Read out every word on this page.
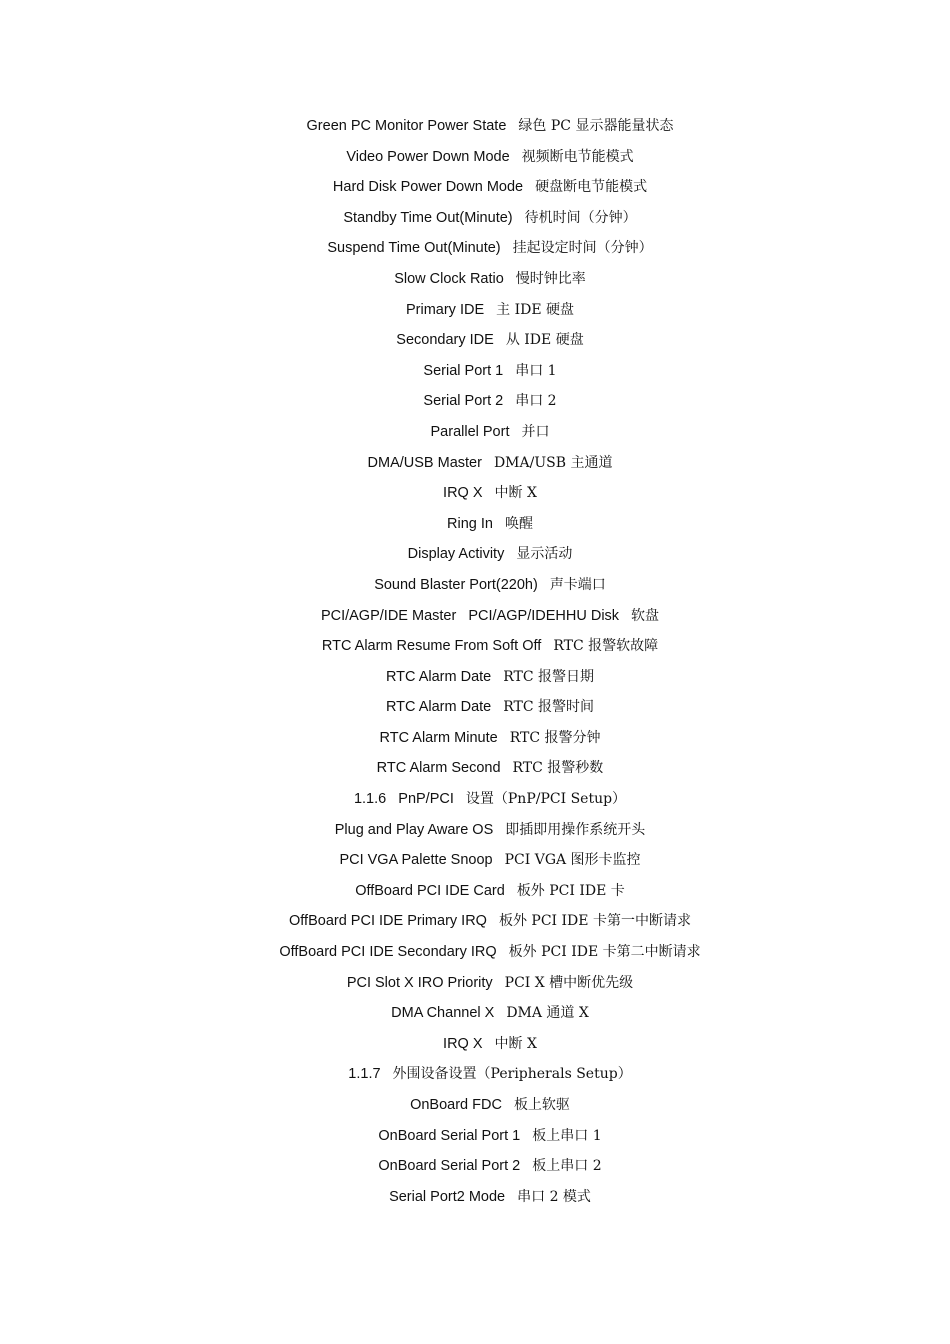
Green PC Monitor Power State 绿色 PC 显示器能量状态
Video Power Down Mode 视频断电节能模式
Hard Disk Power Down Mode 硬盘断电节能模式
Standby Time Out(Minute) 待机时间（分钟）
Suspend Time Out(Minute) 挂起设定时间（分钟）
Slow Clock Ratio 慢时钟比率
Primary IDE 主 IDE 硬盘
Secondary IDE 从 IDE 硬盘
Serial Port 1 串口 1
Serial Port 2 串口 2
Parallel Port 并口
DMA/USB Master DMA/USB 主通道
IRQ X 中断 X
Ring In 唤醒
Display Activity 显示活动
Sound Blaster Port(220h) 声卡端口
PCI/AGP/IDE Master   PCI/AGP/IDEHHU Disk 软盘
RTC Alarm Resume From Soft Off RTC 报警软故障
RTC Alarm Date RTC 报警日期
RTC Alarm Date RTC 报警时间
RTC Alarm Minute RTC 报警分钟
RTC Alarm Second RTC 报警秒数
1.1.6   PnP/PCI 设置（PnP/PCI Setup）
Plug and Play Aware OS 即插即用操作系统开头
PCI VGA Palette Snoop PCI VGA 图形卡监控
OffBoard PCI IDE Card 板外 PCI IDE 卡
OffBoard PCI IDE Primary IRQ 板外 PCI IDE 卡第一中断请求
OffBoard PCI IDE Secondary IRQ 板外 PCI IDE 卡第二中断请求
PCI Slot X IRO Priority PCI X 槽中断优先级
DMA Channel X DMA 通道 X
IRQ X 中断 X
1.1.7 外围设备设置（Peripherals Setup）
OnBoard FDC 板上软驱
OnBoard Serial Port 1 板上串口 1
OnBoard Serial Port 2 板上串口 2
Serial Port2 Mode 串口 2 模式
